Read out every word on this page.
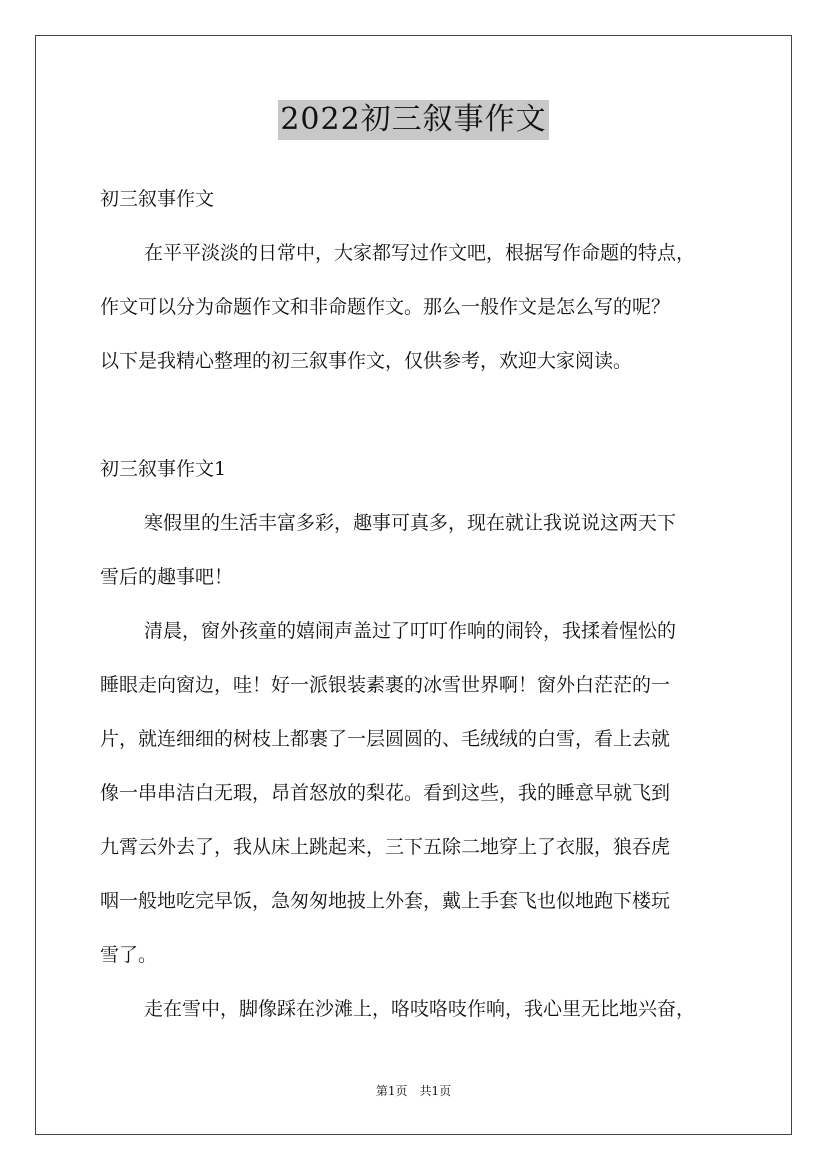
2022初三叙事作文
初三叙事作文
在平平淡淡的日常中，大家都写过作文吧，根据写作命题的特点，
作文可以分为命题作文和非命题作文。那么一般作文是怎么写的呢？
以下是我精心整理的初三叙事作文，仅供参考，欢迎大家阅读。
初三叙事作文1
寒假里的生活丰富多彩，趣事可真多，现在就让我说说这两天下
雪后的趣事吧！
清晨，窗外孩童的嬉闹声盖过了叮叮作响的闹铃，我揉着惺忪的
睡眼走向窗边，哇！好一派银装素裹的冰雪世界啊！窗外白茫茫的一
片，就连细细的树枝上都裹了一层圆圆的、毛绒绒的白雪，看上去就
像一串串洁白无瑕，昂首怒放的梨花。看到这些，我的睡意早就飞到
九霄云外去了，我从床上跳起来，三下五除二地穿上了衣服，狼吞虎
咽一般地吃完早饭，急匆匆地披上外套，戴上手套飞也似地跑下楼玩
雪了。
走在雪中，脚像踩在沙滩上，咯吱咯吱作响，我心里无比地兴奋，
第1页　共1页
